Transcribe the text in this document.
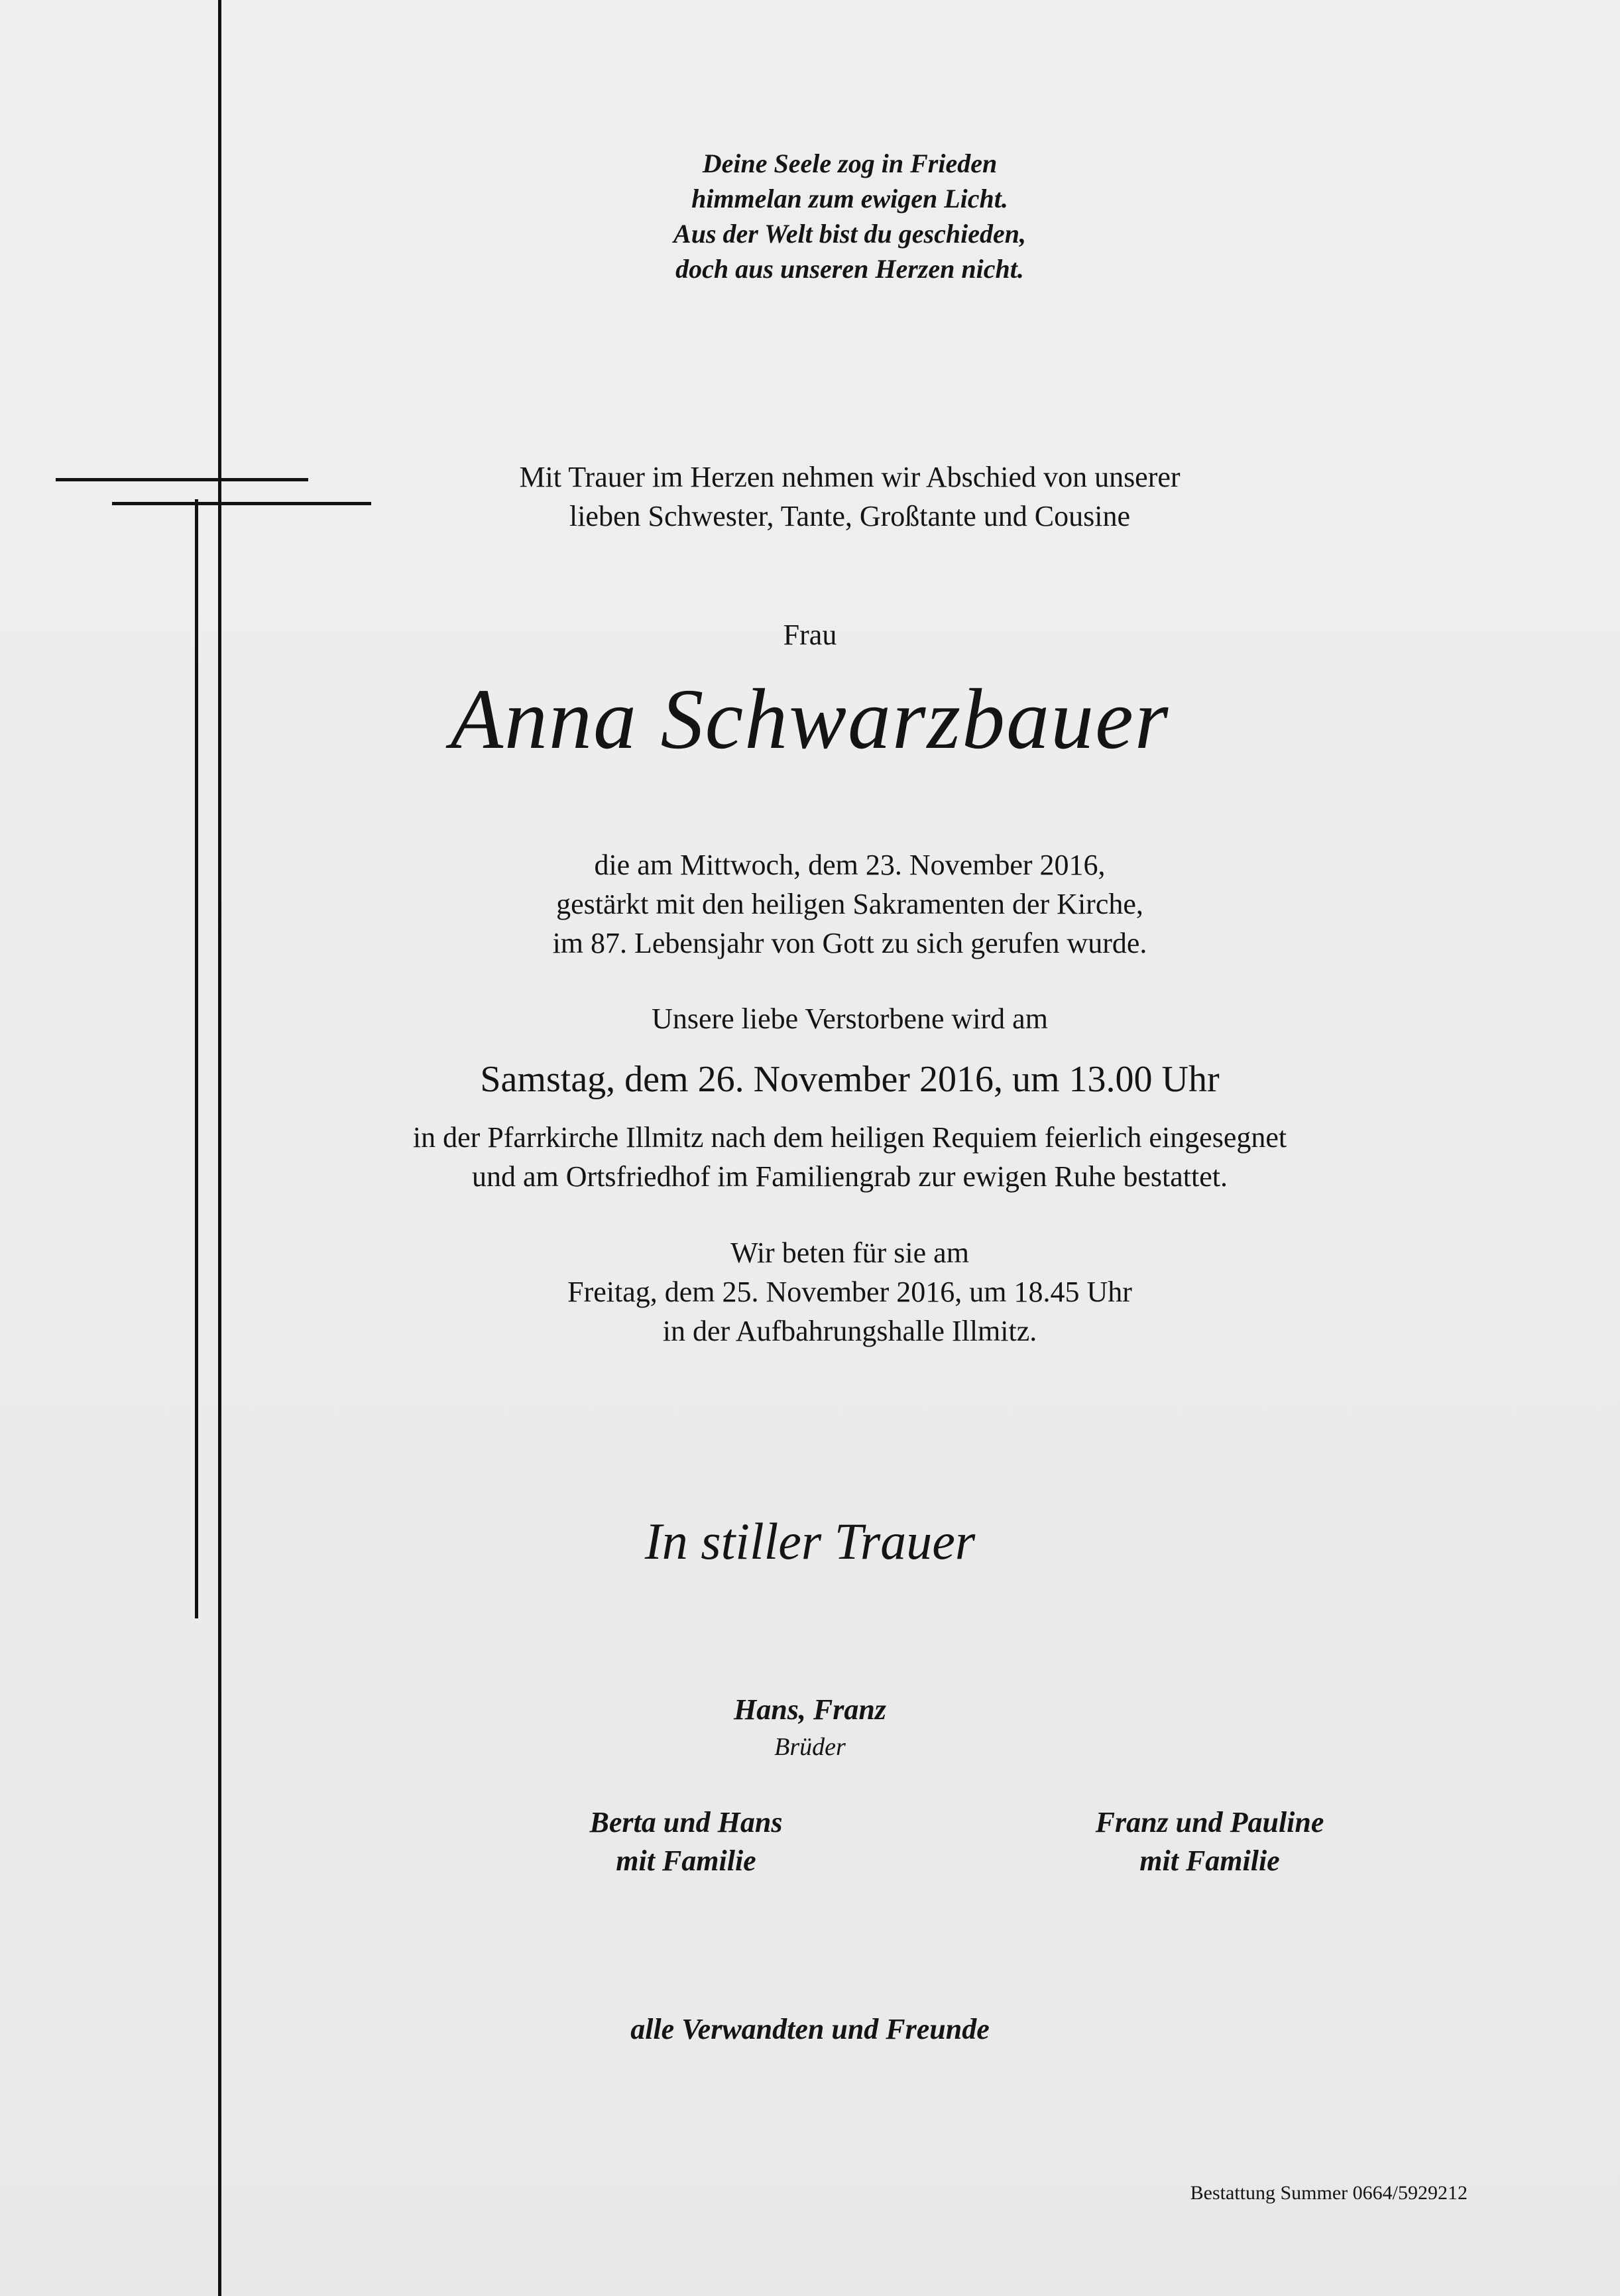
Deine Seele zog in Frieden

himmelan zum ewigen Licht.

Aus der Welt bist du geschieden,

doch aus unseren Herzen nicht.

Mit Trauer im Herzen nehmen wir Abschied von unserer

lieben Schwester, Tante, Großtante und Cousine

Frau

Anna Schwarzbauer

die am Mittwoch, dem 23. November 2016,

gestärkt mit den heiligen Sakramenten der Kirche,

im 87. Lebensjahr von Gott zu sich gerufen wurde.

Unsere liebe Verstorbene wird am

Samstag, dem 26. November 2016, um 13.00 Uhr

in der Pfarrkirche Illmitz nach dem heiligen Requiem feierlich eingesegnet

und am Ortsfriedhof im Familiengrab zur ewigen Ruhe bestattet.

Wir beten für sie am

Freitag, dem 25. November 2016, um 18.45 Uhr

in der Aufbahrungshalle Illmitz.

In stiller Trauer

Hans, Franz

Brüder

Berta und Hans
mit Familie
Franz und Pauline
mit Familie

alle Verwandten und Freunde

Bestattung Summer 0664/5929212
